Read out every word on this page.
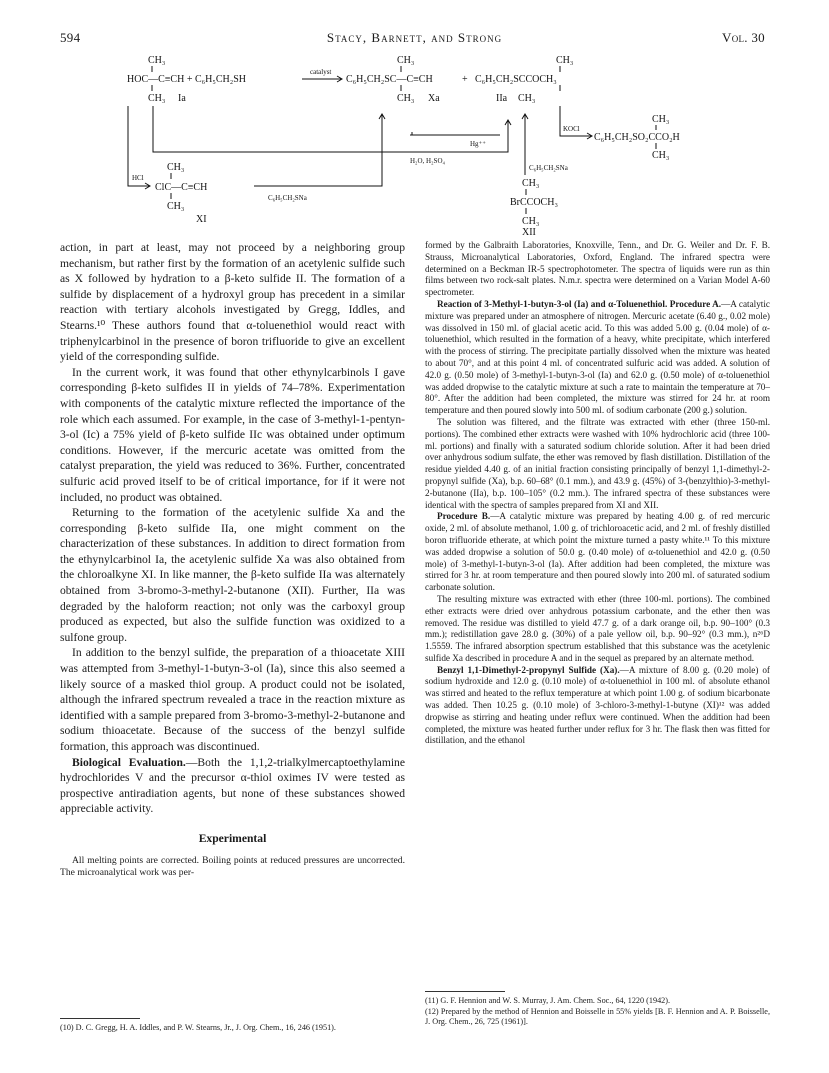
594	Stacy, Barnett, and Strong	Vol. 30
CH₃
HOC—C≡CH + C₆H₅CH₂SH
CH₃ Ia
catalyst
CH₃
C₆H₅CH₂SC—C≡CH
CH₃ Xa
+
CH₃
C₆H₅CH₂SCCOCH₃
IIa CH₃
HCl
Hg⁺⁺
H₂O, H₂SO₄
C₆H₅CH₂SNa
KOCl
CH₃
C₆H₅CH₂SO₂CCO₂H
CH₃
CH₃
ClC—C≡CH
C₆H₅CH₂SNa
CH₃
XI
CH₃
BrCCOCH₃
CH₃
XII

action, in part at least, may not proceed by a neighboring group mechanism, but rather first by the formation of an acetylenic sulfide such as X followed by hydration to a β-keto sulfide II. The formation of a sulfide by displacement of a hydroxyl group has precedent in a similar reaction with tertiary alcohols investigated by Gregg, Iddles, and Stearns.¹⁰ These authors found that α-toluenethiol would react with triphenylcarbinol in the presence of boron trifluoride to give an excellent yield of the corresponding sulfide.

In the current work, it was found that other ethynylcarbinols I gave corresponding β-keto sulfides II in yields of 74–78%. Experimentation with components of the catalytic mixture reflected the importance of the role which each assumed. For example, in the case of 3-methyl-1-pentyn-3-ol (Ic) a 75% yield of β-keto sulfide IIc was obtained under optimum conditions. However, if the mercuric acetate was omitted from the catalyst preparation, the yield was reduced to 36%. Further, concentrated sulfuric acid proved itself to be of critical importance, for if it were not included, no product was obtained.

Returning to the formation of the acetylenic sulfide Xa and the corresponding β-keto sulfide IIa, one might comment on the characterization of these substances. In addition to direct formation from the ethynylcarbinol Ia, the acetylenic sulfide Xa was also obtained from the chloroalkyne XI. In like manner, the β-keto sulfide IIa was alternately obtained from 3-bromo-3-methyl-2-butanone (XII). Further, IIa was degraded by the haloform reaction; not only was the carboxyl group produced as expected, but also the sulfide function was oxidized to a sulfone group.

In addition to the benzyl sulfide, the preparation of a thioacetate XIII was attempted from 3-methyl-1-butyn-3-ol (Ia), since this also seemed a likely source of a masked thiol group. A product could not be isolated, although the infrared spectrum revealed a trace in the reaction mixture as identified with a sample prepared from 3-bromo-3-methyl-2-butanone and sodium thioacetate. Because of the success of the benzyl sulfide formation, this approach was discontinued.

Biological Evaluation.—Both the 1,1,2-trialkylmercaptoethylamine hydrochlorides V and the precursor α-thiol oximes IV were tested as prospective antiradiation agents, but none of these substances showed appreciable activity.

Experimental

All melting points are corrected. Boiling points at reduced pressures are uncorrected. The microanalytical work was per-

formed by the Galbraith Laboratories, Knoxville, Tenn., and Dr. G. Weiler and Dr. F. B. Strauss, Microanalytical Laboratories, Oxford, England. The infrared spectra were determined on a Beckman IR-5 spectrophotometer. The spectra of liquids were run as thin films between two rock-salt plates. N.m.r. spectra were determined on a Varian Model A-60 spectrometer.

Reaction of 3-Methyl-1-butyn-3-ol (Ia) and α-Toluenethiol. Procedure A.—A catalytic mixture was prepared under an atmosphere of nitrogen. Mercuric acetate (6.40 g., 0.02 mole) was dissolved in 150 ml. of glacial acetic acid. To this was added 5.00 g. (0.04 mole) of α-toluenethiol, which resulted in the formation of a heavy, white precipitate, which interfered with the process of stirring. The precipitate partially dissolved when the mixture was heated to about 70°, and at this point 4 ml. of concentrated sulfuric acid was added. A solution of 42.0 g. (0.50 mole) of 3-methyl-1-butyn-3-ol (Ia) and 62.0 g. (0.50 mole) of α-toluenethiol was added dropwise to the catalytic mixture at such a rate to maintain the temperature at 70–80°. After the addition had been completed, the mixture was stirred for 24 hr. at room temperature and then poured slowly into 500 ml. of sodium carbonate (200 g.) solution.

The solution was filtered, and the filtrate was extracted with ether (three 150-ml. portions). The combined ether extracts were washed with 10% hydrochloric acid (three 100-ml. portions) and finally with a saturated sodium chloride solution. After it had been dried over anhydrous sodium sulfate, the ether was removed by flash distillation. Distillation of the residue yielded 4.40 g. of an initial fraction consisting principally of benzyl 1,1-dimethyl-2-propynyl sulfide (Xa), b.p. 60–68° (0.1 mm.), and 43.9 g. (45%) of 3-(benzylthio)-3-methyl-2-butanone (IIa), b.p. 100–105° (0.2 mm.). The infrared spectra of these substances were identical with the spectra of samples prepared from XI and XII.

Procedure B.—A catalytic mixture was prepared by heating 4.00 g. of red mercuric oxide, 2 ml. of absolute methanol, 1.00 g. of trichloroacetic acid, and 2 ml. of freshly distilled boron trifluoride etherate, at which point the mixture turned a pasty white.¹¹ To this mixture was added dropwise a solution of 50.0 g. (0.40 mole) of α-toluenethiol and 42.0 g. (0.50 mole) of 3-methyl-1-butyn-3-ol (Ia). After addition had been completed, the mixture was stirred for 3 hr. at room temperature and then poured slowly into 200 ml. of saturated sodium carbonate solution.

The resulting mixture was extracted with ether (three 100-ml. portions). The combined ether extracts were dried over anhydrous potassium carbonate, and the ether then was removed. The residue was distilled to yield 47.7 g. of a dark orange oil, b.p. 90–100° (0.3 mm.); redistillation gave 28.0 g. (30%) of a pale yellow oil, b.p. 90–92° (0.3 mm.), n²⁶D 1.5559. The infrared absorption spectrum established that this substance was the acetylenic sulfide Xa described in procedure A and in the sequel as prepared by an alternate method.

Benzyl 1,1-Dimethyl-2-propynyl Sulfide (Xa).—A mixture of 8.00 g. (0.20 mole) of sodium hydroxide and 12.0 g. (0.10 mole) of α-toluenethiol in 100 ml. of absolute ethanol was stirred and heated to the reflux temperature at which point 1.00 g. of sodium bicarbonate was added. Then 10.25 g. (0.10 mole) of 3-chloro-3-methyl-1-butyne (XI)¹² was added dropwise as stirring and heating under reflux were continued. When the addition had been completed, the mixture was heated further under reflux for 3 hr. The flask then was fitted for distillation, and the ethanol

(10) D. C. Gregg, H. A. Iddles, and P. W. Stearns, Jr., J. Org. Chem., 16, 246 (1951).
(11) G. F. Hennion and W. S. Murray, J. Am. Chem. Soc., 64, 1220 (1942).
(12) Prepared by the method of Hennion and Boisselle in 55% yields [B. F. Hennion and A. P. Boisselle, J. Org. Chem., 26, 725 (1961)].
